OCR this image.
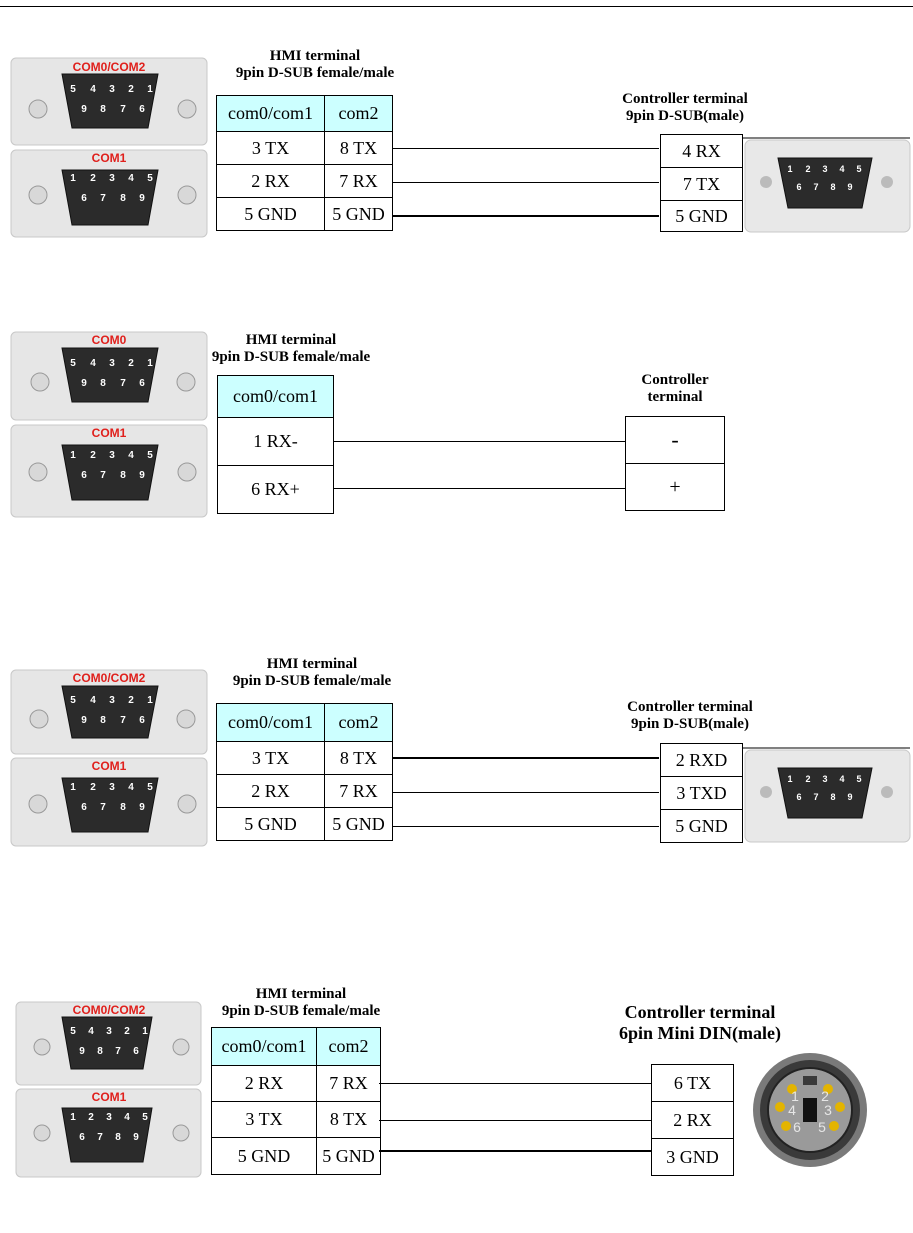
COM0/COM2
COM1
5 4 3 2 1
9 8 7 6
1 2 3 4 5
6 7 8 9
1 2 3 4 5
6 7 8 9
HMI terminal
9pin D-SUB female/male
com0/com1	com2
3 TX	8 TX
2 RX	7 RX
5 GND	5 GND
Controller terminal
9pin D-SUB(male)
4 RX
7 TX
5 GND
COM0
COM1
5 4 3 2 1
9 8 7 6
1 2 3 4 5
6 7 8 9
HMI terminal
9pin D-SUB female/male
com0/com1
1 RX-
6 RX+
Controller
terminal
-
+
COM0/COM2
COM1
5 4 3 2 1
9 8 7 6
1 2 3 4 5
6 7 8 9
1 2 3 4 5
6 7 8 9
HMI terminal
9pin D-SUB female/male
com0/com1	com2
3 TX	8 TX
2 RX	7 RX
5 GND	5 GND
Controller terminal
9pin D-SUB(male)
2 RXD
3 TXD
5 GND
COM0/COM2
COM1
5 4 3 2 1
9 8 7 6
1 2 3 4 5
6 7 8 9
1 2
3
4
5
6
HMI terminal
9pin D-SUB female/male
com0/com1	com2
2 RX	7 RX
3 TX	8 TX
5 GND	5 GND
Controller terminal
6pin Mini DIN(male)
6 TX
2 RX
3 GND
